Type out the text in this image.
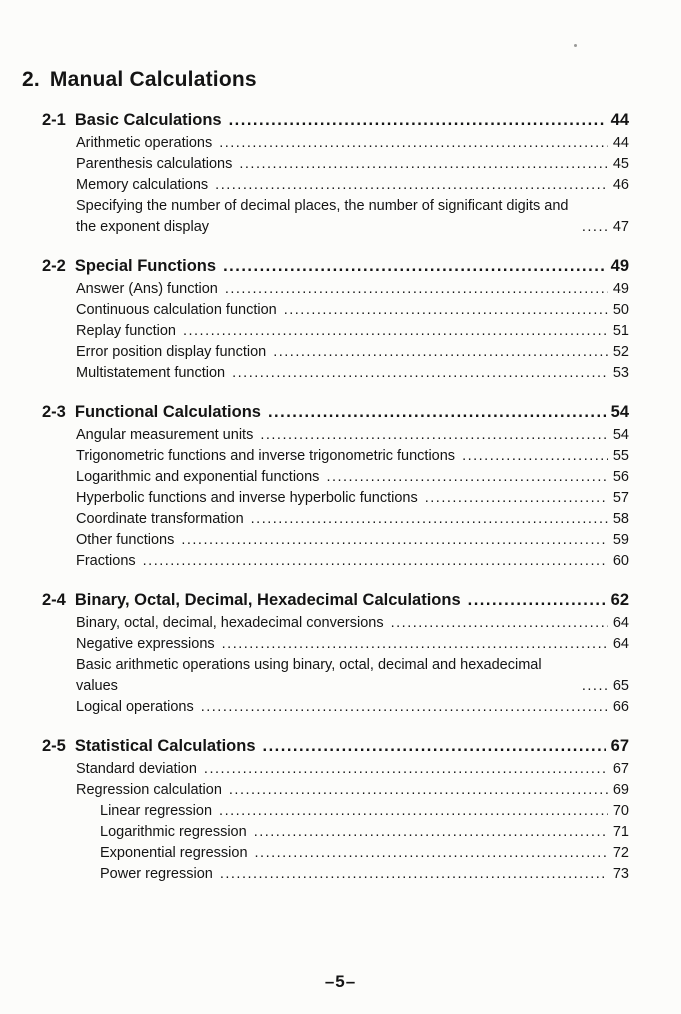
2. Manual Calculations
2-1 Basic Calculations .....	44
Arithmetic operations .....	44
Parenthesis calculations .....	45
Memory calculations .....	46
Specifying the number of decimal places, the number of significant digits and the exponent display .....	47
2-2 Special Functions .....	49
Answer (Ans) function .....	49
Continuous calculation function .....	50
Replay function .....	51
Error position display function .....	52
Multistatement function .....	53
2-3 Functional Calculations .....	54
Angular measurement units .....	54
Trigonometric functions and inverse trigonometric functions .....	55
Logarithmic and exponential functions .....	56
Hyperbolic functions and inverse hyperbolic functions .....	57
Coordinate transformation .....	58
Other functions .....	59
Fractions .....	60
2-4 Binary, Octal, Decimal, Hexadecimal Calculations .....	62
Binary, octal, decimal, hexadecimal conversions .....	64
Negative expressions .....	64
Basic arithmetic operations using binary, octal, decimal and hexadecimal values .....	65
Logical operations .....	66
2-5 Statistical Calculations .....	67
Standard deviation .....	67
Regression calculation .....	69
Linear regression .....	70
Logarithmic regression .....	71
Exponential regression .....	72
Power regression .....	73
–5–
